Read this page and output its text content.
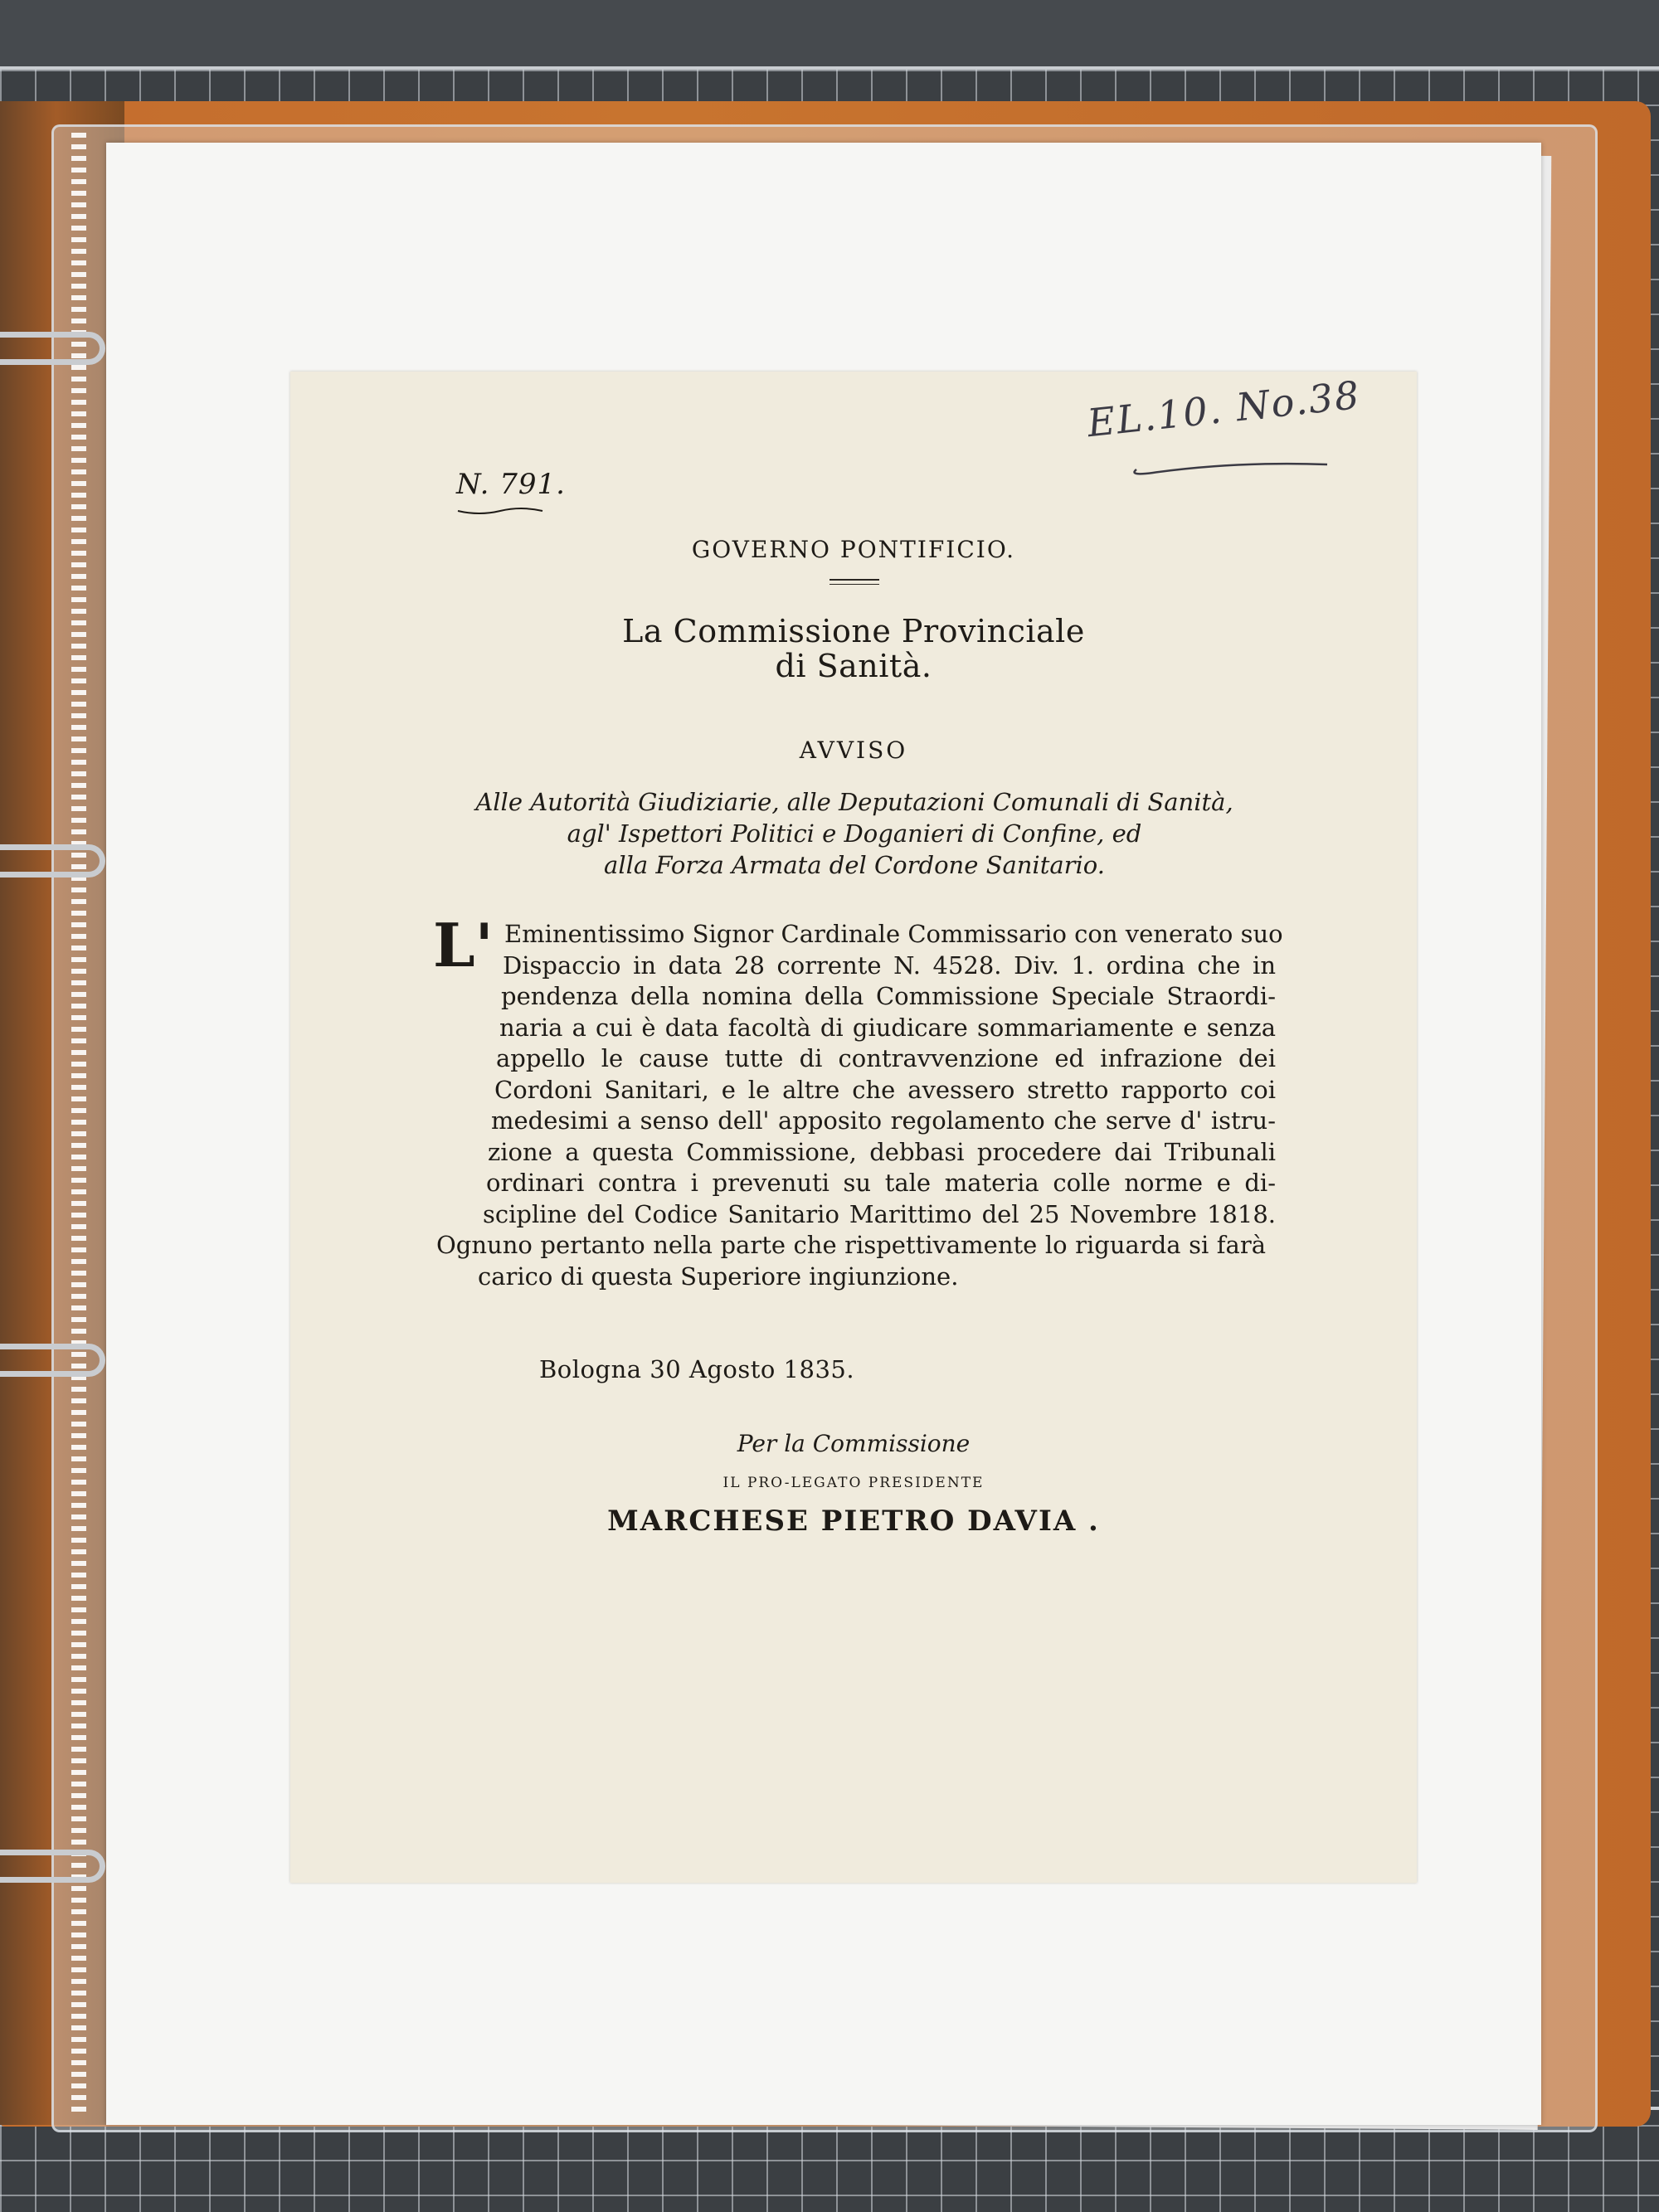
EL.10. No.38
N. 791.
GOVERNO PONTIFICIO.
La Commissione Provinciale
di Sanità.
AVVISO
Alle Autorità Giudiziarie, alle Deputazioni Comunali di Sanità,
agl' Ispettori Politici e Doganieri di Confine, ed
alla Forza Armata del Cordone Sanitario.
L' Eminentissimo Signor Cardinale Commissario con venerato suo
Dispaccio in data 28 corrente N. 4528. Div. 1. ordina che in
pendenza della nomina della Commissione Speciale Straordi-
naria a cui è data facoltà di giudicare sommariamente e senza
appello le cause tutte di contravvenzione ed infrazione dei
Cordoni Sanitari, e le altre che avessero stretto rapporto coi
medesimi a senso dell' apposito regolamento che serve d' istru-
zione a questa Commissione, debbasi procedere dai Tribunali
ordinari contra i prevenuti su tale materia colle norme e di-
scipline del Codice Sanitario Marittimo del 25 Novembre 1818.
Ognuno pertanto nella parte che rispettivamente lo riguarda si farà
carico di questa Superiore ingiunzione.
Bologna 30 Agosto 1835.
Per la Commissione
IL PRO-LEGATO PRESIDENTE
MARCHESE PIETRO DAVIA .
